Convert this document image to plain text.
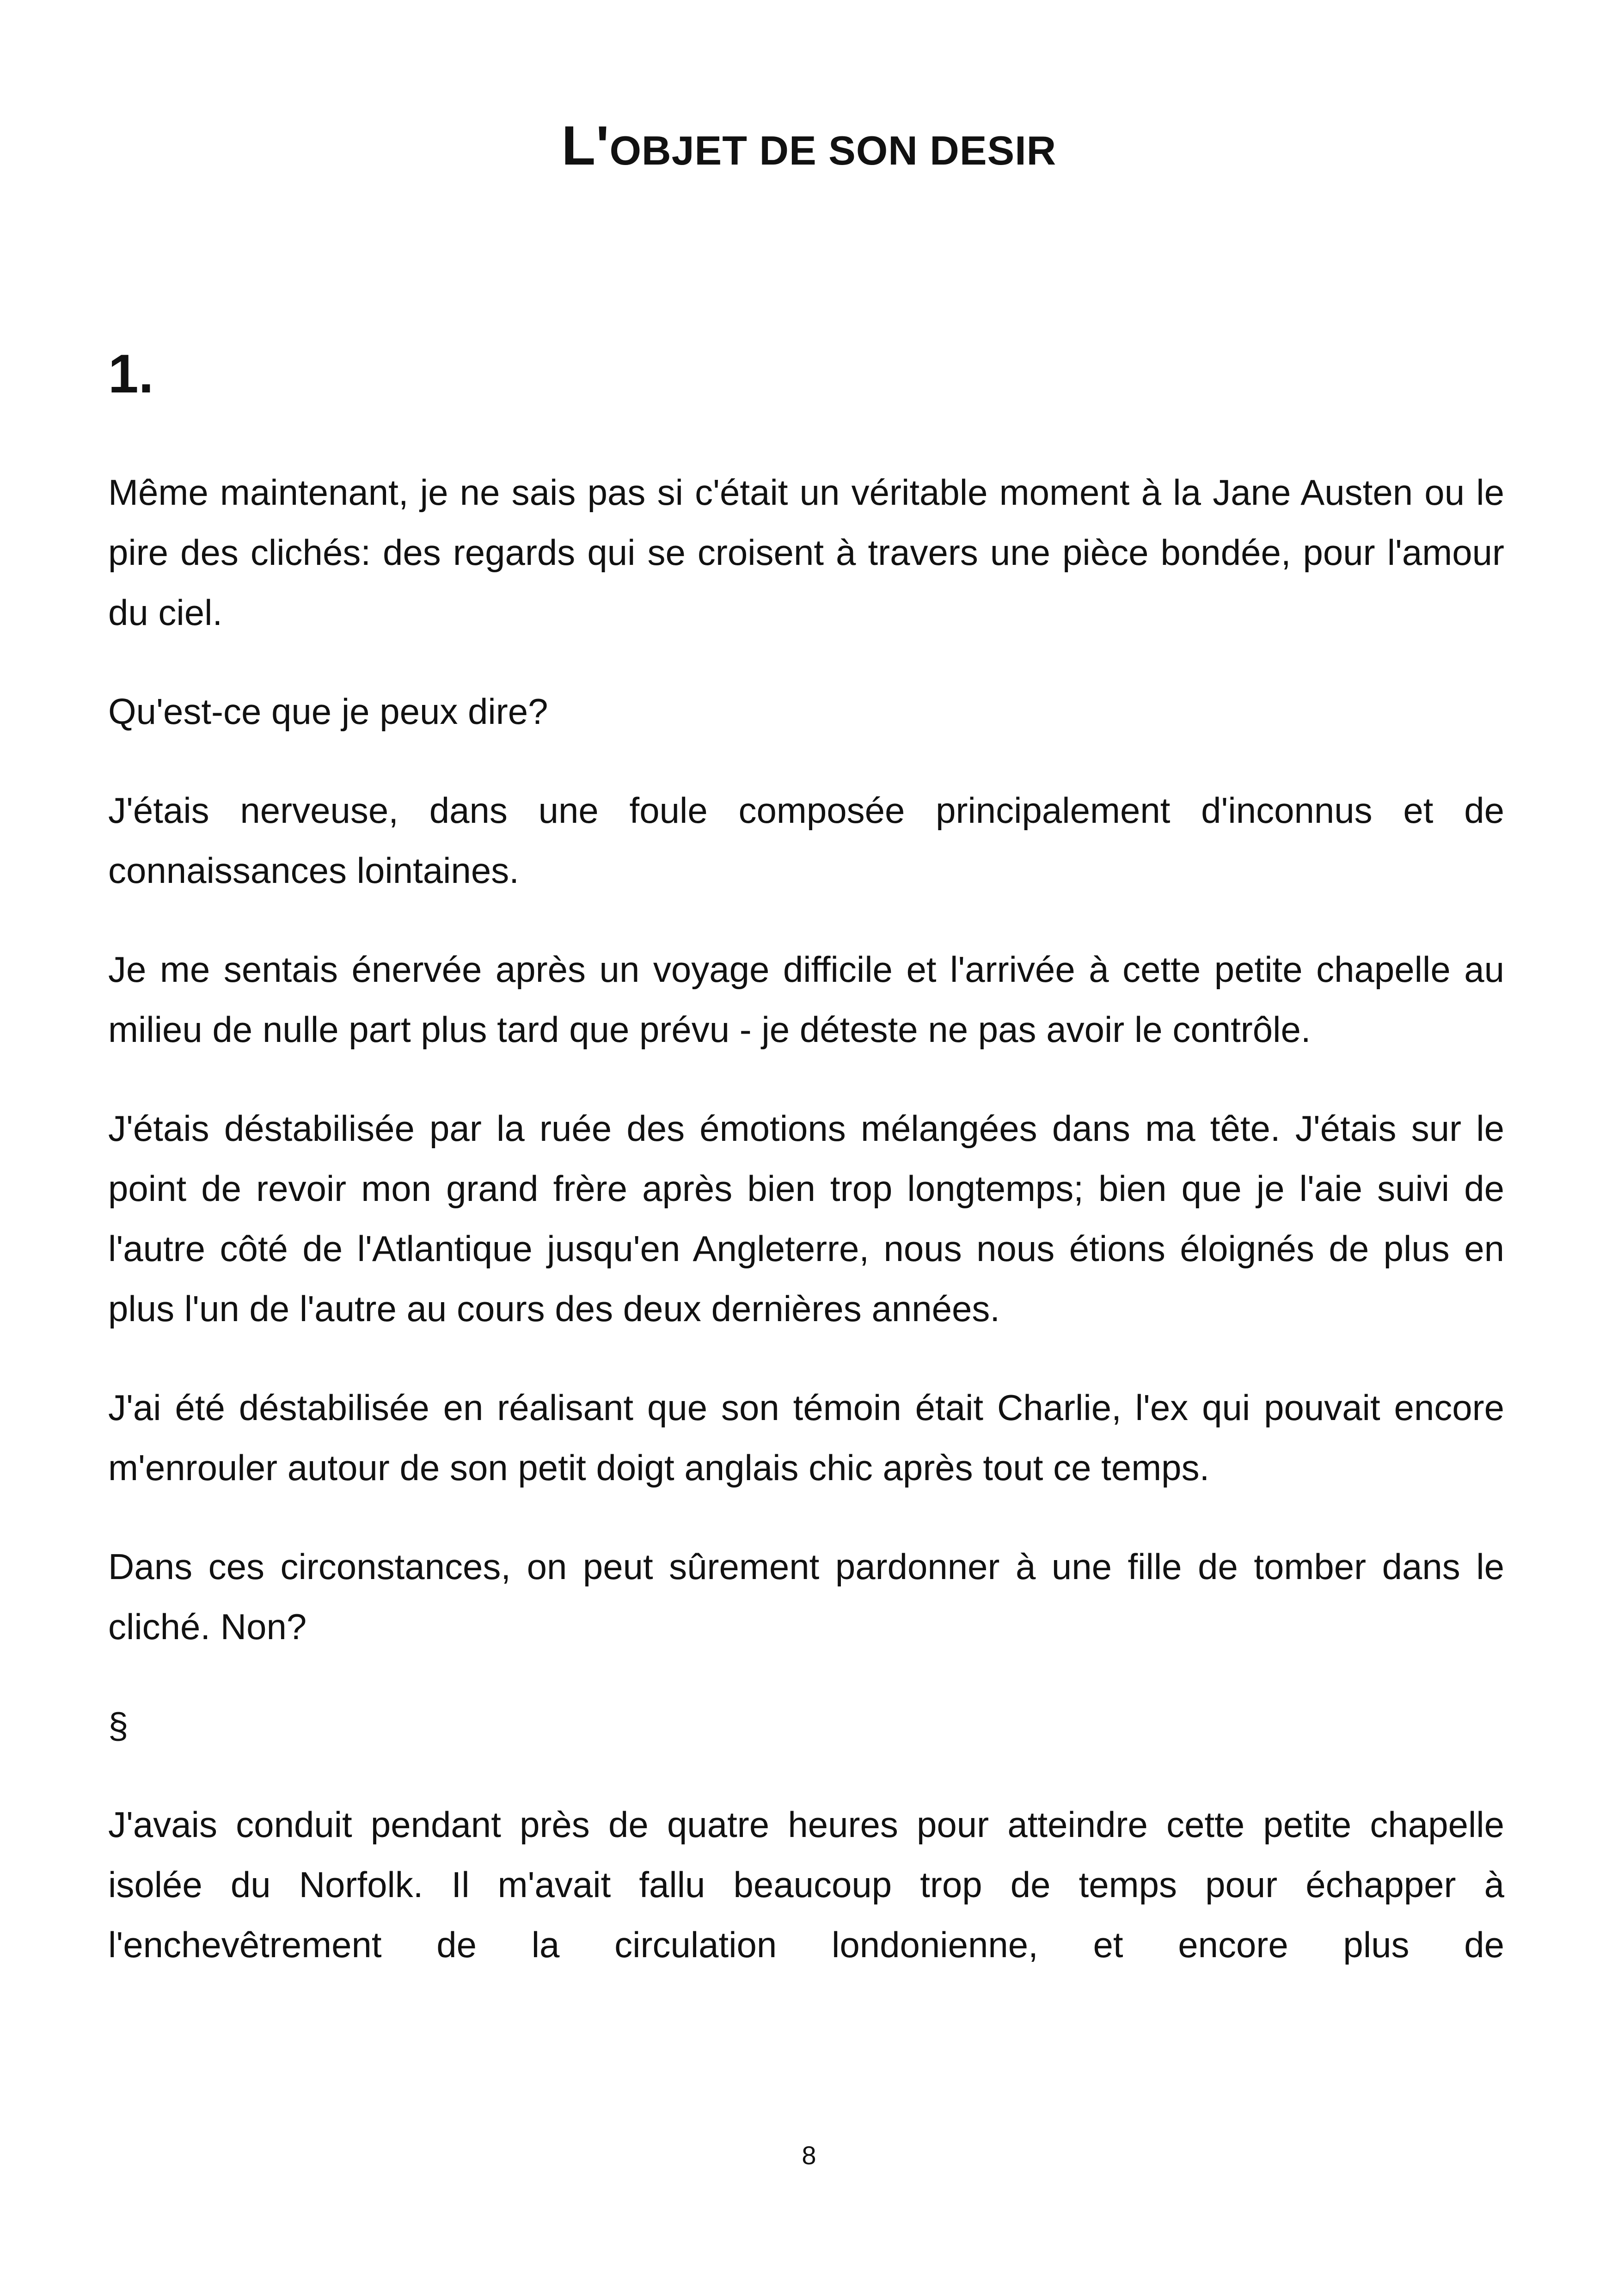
L'OBJET DE SON DESIR
1.

Même maintenant, je ne sais pas si c'était un véritable moment à la Jane Austen ou le pire des clichés: des regards qui se croisent à travers une pièce bondée, pour l'amour du ciel.

Qu'est-ce que je peux dire?

J'étais nerveuse, dans une foule composée principalement d'inconnus et de connaissances lointaines.

Je me sentais énervée après un voyage difficile et l'arrivée à cette petite chapelle au milieu de nulle part plus tard que prévu - je déteste ne pas avoir le contrôle.

J'étais déstabilisée par la ruée des émotions mélangées dans ma tête. J'étais sur le point de revoir mon grand frère après bien trop longtemps; bien que je l'aie suivi de l'autre côté de l'Atlantique jusqu'en Angleterre, nous nous étions éloignés de plus en plus l'un de l'autre au cours des deux dernières années.

J'ai été déstabilisée en réalisant que son témoin était Charlie, l'ex qui pouvait encore m'enrouler autour de son petit doigt anglais chic après tout ce temps.

Dans ces circonstances, on peut sûrement pardonner à une fille de tomber dans le cliché. Non?

§

J'avais conduit pendant près de quatre heures pour atteindre cette petite chapelle isolée du Norfolk. Il m'avait fallu beaucoup trop de temps pour échapper à l'enchevêtrement de la circulation londonienne, et encore plus de

8
